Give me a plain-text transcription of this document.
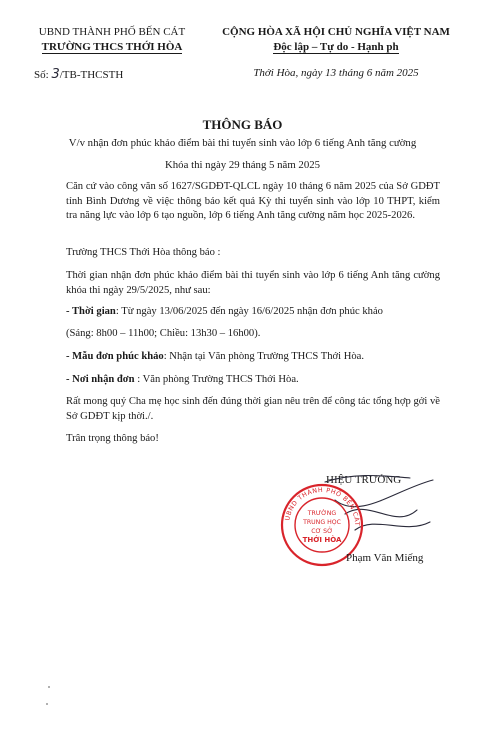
UBND THÀNH PHỐ BẾN CÁT
TRƯỜNG THCS THỚI HÒA
Số: 3/TB-THCSTH
CỘNG HÒA XÃ HỘI CHỦ NGHĨA VIỆT NAM
Độc lập – Tự do - Hạnh ph
Thới Hòa, ngày 13 tháng 6 năm 2025
THÔNG BÁO
V/v nhận đơn phúc khảo điểm bài thi tuyển sinh vào lớp 6 tiếng Anh tăng cường
Khóa thi ngày 29 tháng 5 năm 2025
Căn cứ vào công văn số 1627/SGDĐT-QLCL ngày 10 tháng 6 năm 2025 của Sở GDĐT tỉnh Bình Dương về việc thông báo kết quả Kỳ thi tuyển sinh vào lớp 10 THPT, kiểm tra năng lực vào lớp 6 tạo nguồn, lớp 6 tiếng Anh tăng cường năm học 2025-2026.
Trường THCS Thới Hòa thông báo :
Thời gian nhận đơn phúc khảo điểm bài thi tuyển sinh vào lớp 6 tiếng Anh tăng cường khóa thi ngày 29/5/2025, như sau:
- Thời gian: Từ ngày 13/06/2025 đến ngày 16/6/2025 nhận đơn phúc khảo
(Sáng: 8h00 – 11h00; Chiều: 13h30 – 16h00).
- Mẫu đơn phúc khảo: Nhận tại Văn phòng Trường THCS Thới Hòa.
- Nơi nhận đơn : Văn phòng Trường THCS Thới Hòa.
Rất mong quý Cha mẹ học sinh đến đúng thời gian nêu trên để công tác tổng hợp gởi về Sở GDĐT kịp thời./.
Trân trọng thông báo!
HIỆU TRƯỞNG
UBND THÀNH PHỐ BẾN CÁT
TRƯỜNG
TRUNG HỌC
CƠ SỞ
THỚI HÒA
Phạm Văn Miếng
